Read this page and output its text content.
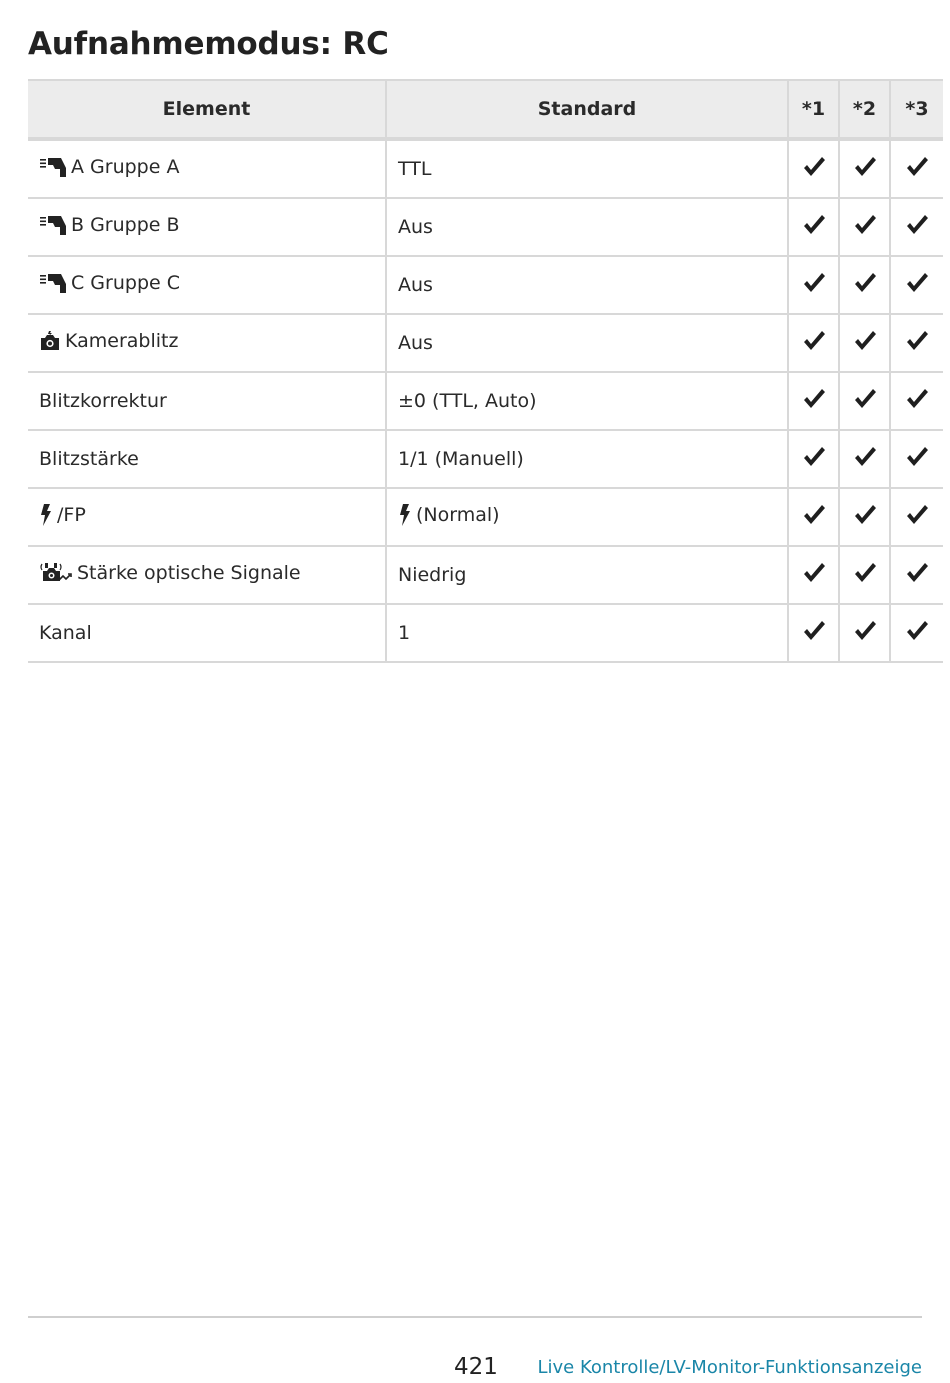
Aufnahmemodus: RC
Element	Standard	*1	*2	*3

A Gruppe A	TTL

B Gruppe B	Aus

C Gruppe C	Aus

Kamerablitz	Aus

Blitzkorrektur	±0 (TTL, Auto)

Blitzstärke	1/1 (Manuell)

/FP	(Normal)

Stärke optische Signale	Niedrig

Kanal	1

421 Live Kontrolle/LV-Monitor-Funktionsanzeige
